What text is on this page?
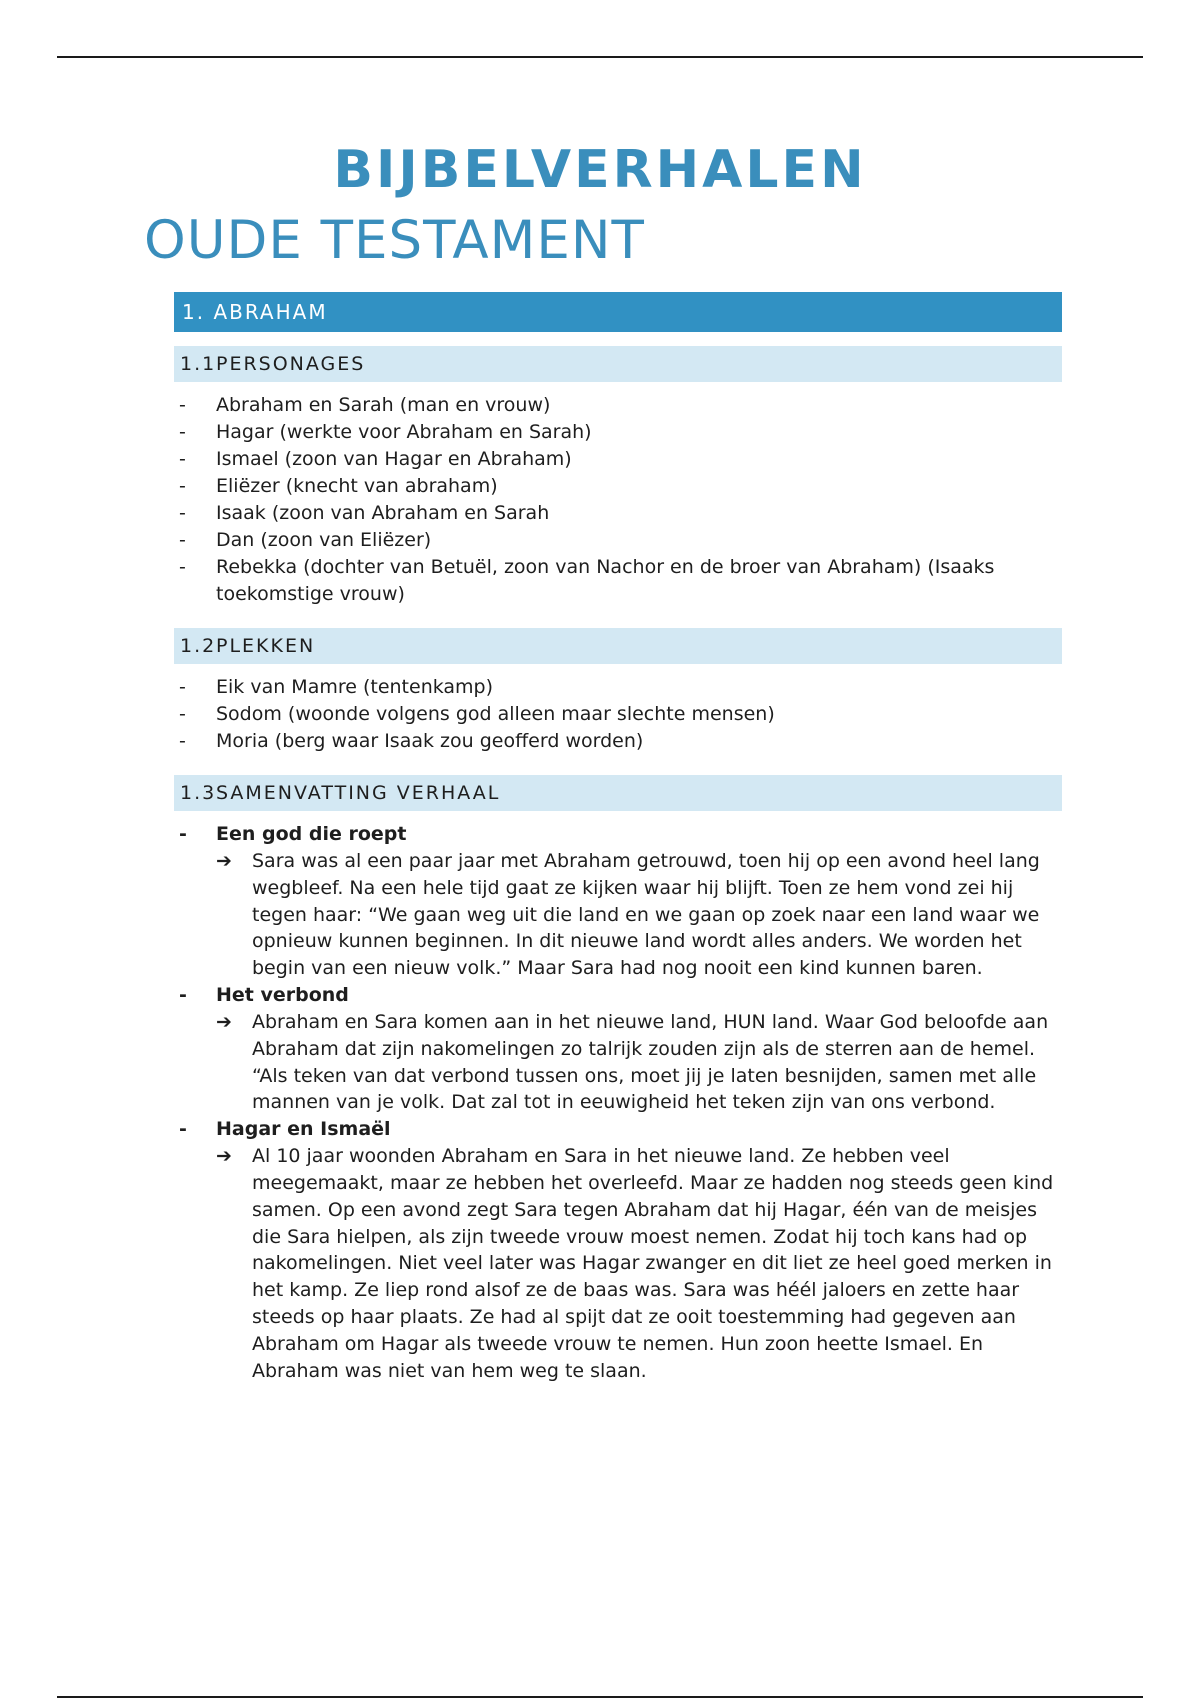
BIJBELVERHALEN
OUDE TESTAMENT
1. ABRAHAM
1.1PERSONAGES
- Abraham en Sarah (man en vrouw)
- Hagar (werkte voor Abraham en Sarah)
- Ismael (zoon van Hagar en Abraham)
- Eliëzer (knecht van abraham)
- Isaak (zoon van Abraham en Sarah
- Dan (zoon van Eliëzer)
- Rebekka (dochter van Betuël, zoon van Nachor en de broer van Abraham) (Isaaks toekomstige vrouw)
1.2PLEKKEN
- Eik van Mamre (tentenkamp)
- Sodom (woonde volgens god alleen maar slechte mensen)
- Moria (berg waar Isaak zou geofferd worden)
1.3SAMENVATTING VERHAAL
- Een god die roept
➔ Sara was al een paar jaar met Abraham getrouwd, toen hij op een avond heel lang wegbleef. Na een hele tijd gaat ze kijken waar hij blijft. Toen ze hem vond zei hij tegen haar: “We gaan weg uit die land en we gaan op zoek naar een land waar we opnieuw kunnen beginnen. In dit nieuwe land wordt alles anders. We worden het begin van een nieuw volk.” Maar Sara had nog nooit een kind kunnen baren.
- Het verbond
➔ Abraham en Sara komen aan in het nieuwe land, HUN land. Waar God beloofde aan Abraham dat zijn nakomelingen zo talrijk zouden zijn als de sterren aan de hemel. “Als teken van dat verbond tussen ons, moet jij je laten besnijden, samen met alle mannen van je volk. Dat zal tot in eeuwigheid het teken zijn van ons verbond.
- Hagar en Ismaël
➔ Al 10 jaar woonden Abraham en Sara in het nieuwe land. Ze hebben veel meegemaakt, maar ze hebben het overleefd. Maar ze hadden nog steeds geen kind samen. Op een avond zegt Sara tegen Abraham dat hij Hagar, één van de meisjes die Sara hielpen, als zijn tweede vrouw moest nemen. Zodat hij toch kans had op nakomelingen. Niet veel later was Hagar zwanger en dit liet ze heel goed merken in het kamp. Ze liep rond alsof ze de baas was. Sara was héél jaloers en zette haar steeds op haar plaats. Ze had al spijt dat ze ooit toestemming had gegeven aan Abraham om Hagar als tweede vrouw te nemen. Hun zoon heette Ismael. En Abraham was niet van hem weg te slaan.
